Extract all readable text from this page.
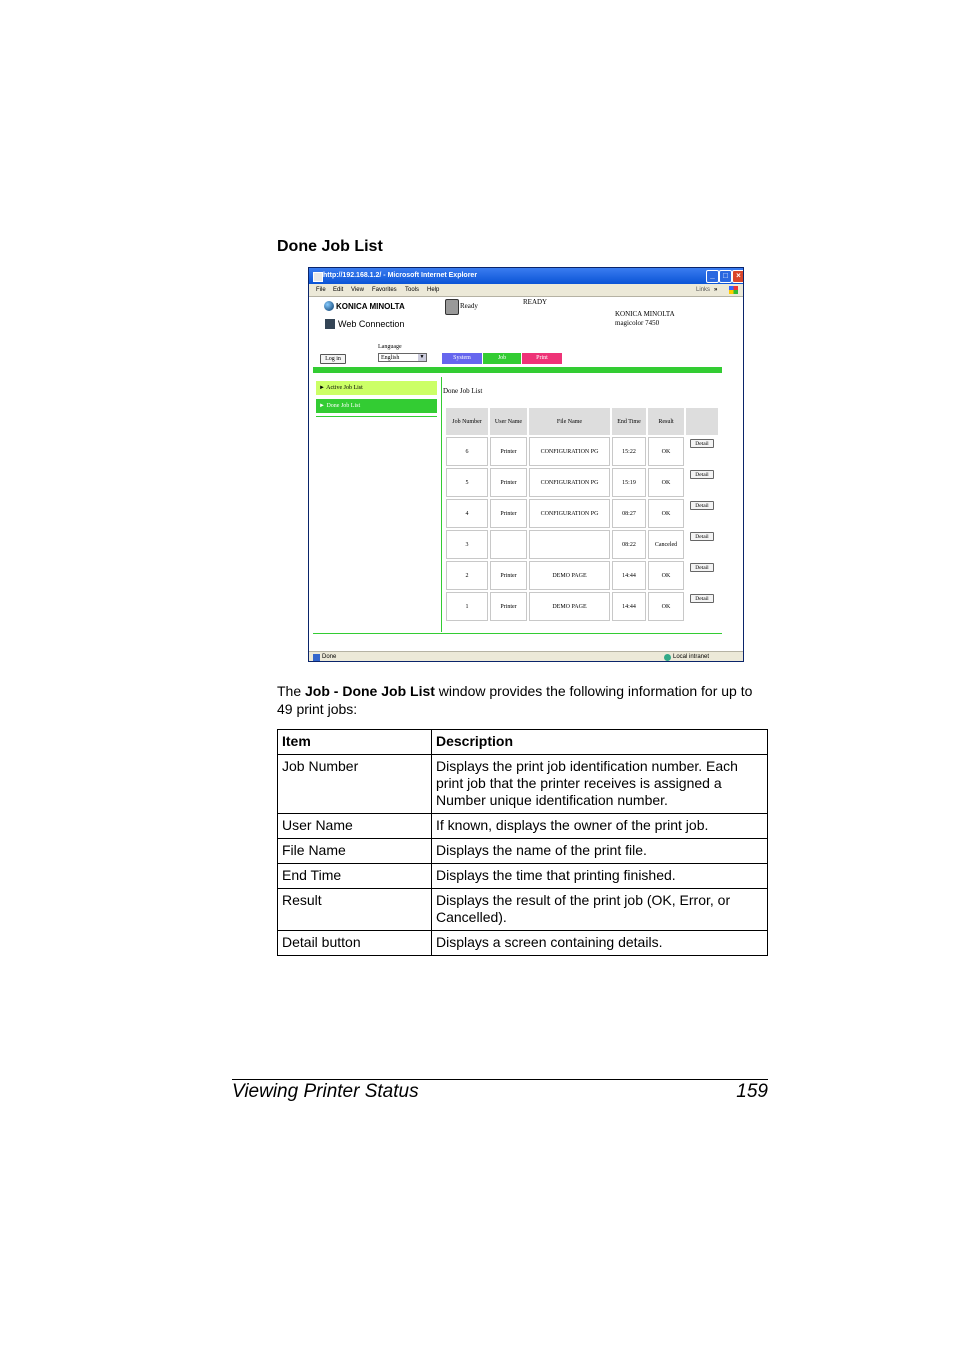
Done Job List
http://192.168.1.2/ - Microsoft Internet Explorer	_	□	×
File Edit View Favorites Tools Help	Links »
KONICA MINOLTA
Web Connection
Ready	READY
KONICA MINOLTA
magicolor 7450
Language
English	▼
Log in	System	Job	Print
► Active Job List
► Done Job List
Done Job List
Job Number	User Name	File Name	End Time	Result	
6	Printer	CONFIGURATION PG	15:22	OK	Detail
5	Printer	CONFIGURATION PG	15:19	OK	Detail
4	Printer	CONFIGURATION PG	08:27	OK	Detail
3			08:22	Canceled	Detail
2	Printer	DEMO PAGE	14:44	OK	Detail
1	Printer	DEMO PAGE	14:44	OK	Detail
Done	Local intranet
The Job - Done Job List window provides the following information for up to 49 print jobs:
Item	Description
Job Number	Displays the print job identification number. Each print job that the printer receives is assigned a Number unique identification number.
User Name	If known, displays the owner of the print job.
File Name	Displays the name of the print file.
End Time	Displays the time that printing finished.
Result	Displays the result of the print job (OK, Error, or Cancelled).
Detail button	Displays a screen containing details.
Viewing Printer Status	159
